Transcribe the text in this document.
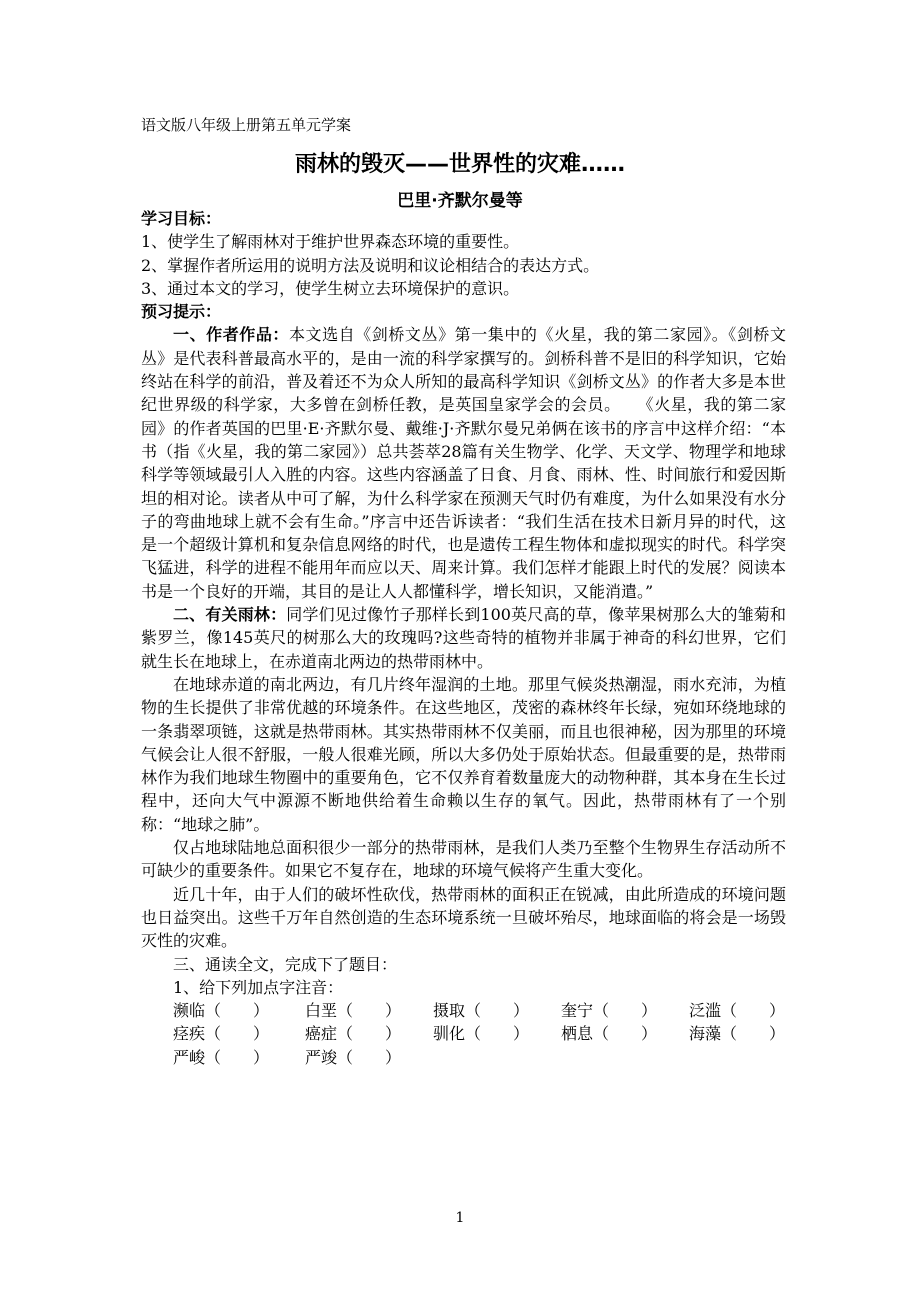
语文版八年级上册第五单元学案
雨林的毁灭——世界性的灾难……
巴里·齐默尔曼等
学习目标：
1、使学生了解雨林对于维护世界森态环境的重要性。
2、掌握作者所运用的说明方法及说明和议论相结合的表达方式。
3、通过本文的学习，使学生树立去环境保护的意识。
预习提示：

一、作者作品：本文选自《剑桥文丛》第一集中的《火星，我的第二家园》。《剑桥文丛》是代表科普最高水平的，是由一流的科学家撰写的。剑桥科普不是旧的科学知识，它始终站在科学的前沿，普及着还不为众人所知的最高科学知识《剑桥文丛》的作者大多是本世纪世界级的科学家，大多曾在剑桥任教，是英国皇家学会的会员。　　《火星，我的第二家园》的作者英国的巴里·E·齐默尔曼、戴维·J·齐默尔曼兄弟俩在该书的序言中这样介绍：“本书（指《火星，我的第二家园》）总共荟萃28篇有关生物学、化学、天文学、物理学和地球科学等领域最引人入胜的内容。这些内容涵盖了日食、月食、雨林、性、时间旅行和爱因斯坦的相对论。读者从中可了解，为什么科学家在预测天气时仍有难度，为什么如果没有水分子的弯曲地球上就不会有生命。”序言中还告诉读者：“我们生活在技术日新月异的时代，这是一个超级计算机和复杂信息网络的时代，也是遗传工程生物体和虚拟现实的时代。科学突飞猛进，科学的进程不能用年而应以天、周来计算。我们怎样才能跟上时代的发展？阅读本书是一个良好的开端，其目的是让人人都懂科学，增长知识，又能消遣。”

二、有关雨林：同学们见过像竹子那样长到100英尺高的草，像苹果树那么大的雏菊和紫罗兰，像145英尺的树那么大的玫瑰吗?这些奇特的植物并非属于神奇的科幻世界，它们就生长在地球上，在赤道南北两边的热带雨林中。

在地球赤道的南北两边，有几片终年湿润的土地。那里气候炎热潮湿，雨水充沛，为植物的生长提供了非常优越的环境条件。在这些地区，茂密的森林终年长绿，宛如环绕地球的一条翡翠项链，这就是热带雨林。其实热带雨林不仅美丽，而且也很神秘，因为那里的环境气候会让人很不舒服，一般人很难光顾，所以大多仍处于原始状态。但最重要的是，热带雨林作为我们地球生物圈中的重要角色，它不仅养育着数量庞大的动物种群，其本身在生长过程中，还向大气中源源不断地供给着生命赖以生存的氧气。因此，热带雨林有了一个别称：“地球之肺”。

仅占地球陆地总面积很少一部分的热带雨林，是我们人类乃至整个生物界生存活动所不可缺少的重要条件。如果它不复存在，地球的环境气候将产生重大变化。

近几十年，由于人们的破坏性砍伐，热带雨林的面积正在锐减，由此所造成的环境问题也日益突出。这些千万年自然创造的生态环境系统一旦破坏殆尽，地球面临的将会是一场毁灭性的灾难。

三、通读全文，完成下了题目：

1、给下列加点字注音：

濒临（　　）	白垩（　　）	摄取（　　）	奎宁（　　）	泛滥（　　）
痉疾（　　）	癌症（　　）	驯化（　　）	栖息（　　）	海藻（　　）
严峻（　　）	严竣（　　）
1
